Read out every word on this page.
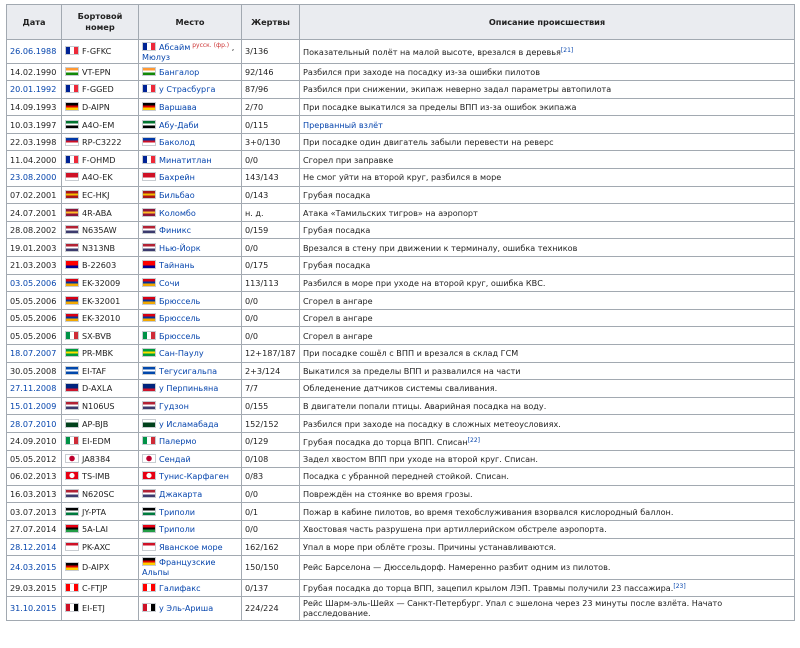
Дата	Бортовой номер	Место	Жертвы	Описание происшествия
26.06.1988	F-GFKC	Абсайм $^{русск. (фр.)}$ ,
Мюлуз	3/136	Показательный полёт на малой высоте, врезался в деревья[21]
14.02.1990	VT-EPN	Бангалор	92/146	Разбился при заходе на посадку из-за ошибки пилотов
20.01.1992	F-GGED	у Страсбурга	87/96	Разбился при снижении, экипаж неверно задал параметры автопилота
14.09.1993	D-AIPN	Варшава	2/70	При посадке выкатился за пределы ВПП из-за ошибок экипажа
10.03.1997	A4O-EM	Абу-Даби	0/115	Прерванный взлёт
22.03.1998	RP-C3222	Баколод	3+0/130	При посадке один двигатель забыли перевести на реверс
11.04.2000	F-OHMD	Минатитлан	0/0	Сгорел при заправке
23.08.2000	A4O-EK	Бахрейн	143/143	Не смог уйти на второй круг, разбился в море
07.02.2001	EC-HKJ	Бильбао	0/143	Грубая посадка
24.07.2001	4R-ABA	Коломбо	н. д.	Атака «Тамильских тигров» на аэропорт
28.08.2002	N635AW	Финикс	0/159	Грубая посадка
19.01.2003	N313NB	Нью-Йорк	0/0	Врезался в стену при движении к терминалу, ошибка техников
21.03.2003	B-22603	Тайнань	0/175	Грубая посадка
03.05.2006	EK-32009	Сочи	113/113	Разбился в море при уходе на второй круг, ошибка КВС.
05.05.2006	EK-32001	Брюссель	0/0	Сгорел в ангаре
05.05.2006	EK-32010	Брюссель	0/0	Сгорел в ангаре
05.05.2006	SX-BVB	Брюссель	0/0	Сгорел в ангаре
18.07.2007	PR-MBK	Сан-Паулу	12+187/187	При посадке сошёл с ВПП и врезался в склад ГСМ
30.05.2008	EI-TAF	Тегусигальпа	2+3/124	Выкатился за пределы ВПП и развалился на части
27.11.2008	D-AXLA	у Перпиньяна	7/7	Обледенение датчиков системы сваливания.
15.01.2009	N106US	Гудзон	0/155	В двигатели попали птицы. Аварийная посадка на воду.
28.07.2010	AP-BJB	у Исламабада	152/152	Разбился при заходе на посадку в сложных метеоусловиях.
24.09.2010	EI-EDM	Палермо	0/129	Грубая посадка до торца ВПП. Списан[22]
05.05.2012	JA8384	Сендай	0/108	Задел хвостом ВПП при уходе на второй круг. Списан.
06.02.2013	TS-IMB	Тунис-Карфаген	0/83	Посадка с убранной передней стойкой. Списан.
16.03.2013	N620SC	Джакарта	0/0	Повреждён на стоянке во время грозы.
03.07.2013	JY-PTA	Триполи	0/1	Пожар в кабине пилотов, во время техобслуживания взорвался кислородный баллон.
27.07.2014	5A-LAI	Триполи	0/0	Хвостовая часть разрушена при артиллерийском обстреле аэропорта.
28.12.2014	PK-AXC	Яванское море	162/162	Упал в море при облёте грозы. Причины устанавливаются.
24.03.2015	D-AIPX	Французские
Альпы	150/150	Рейс Барселона — Дюссельдорф. Намеренно разбит одним из пилотов.
29.03.2015	C-FTJP	Галифакс	0/137	Грубая посадка до торца ВПП, зацепил крылом ЛЭП. Травмы получили 23 пассажира.[23]
31.10.2015	EI-ETJ	у Эль-Ариша	224/224	Рейс Шарм-эль-Шейх — Санкт-Петербург. Упал с эшелона через 23 минуты после взлёта. Начато
расследование.
